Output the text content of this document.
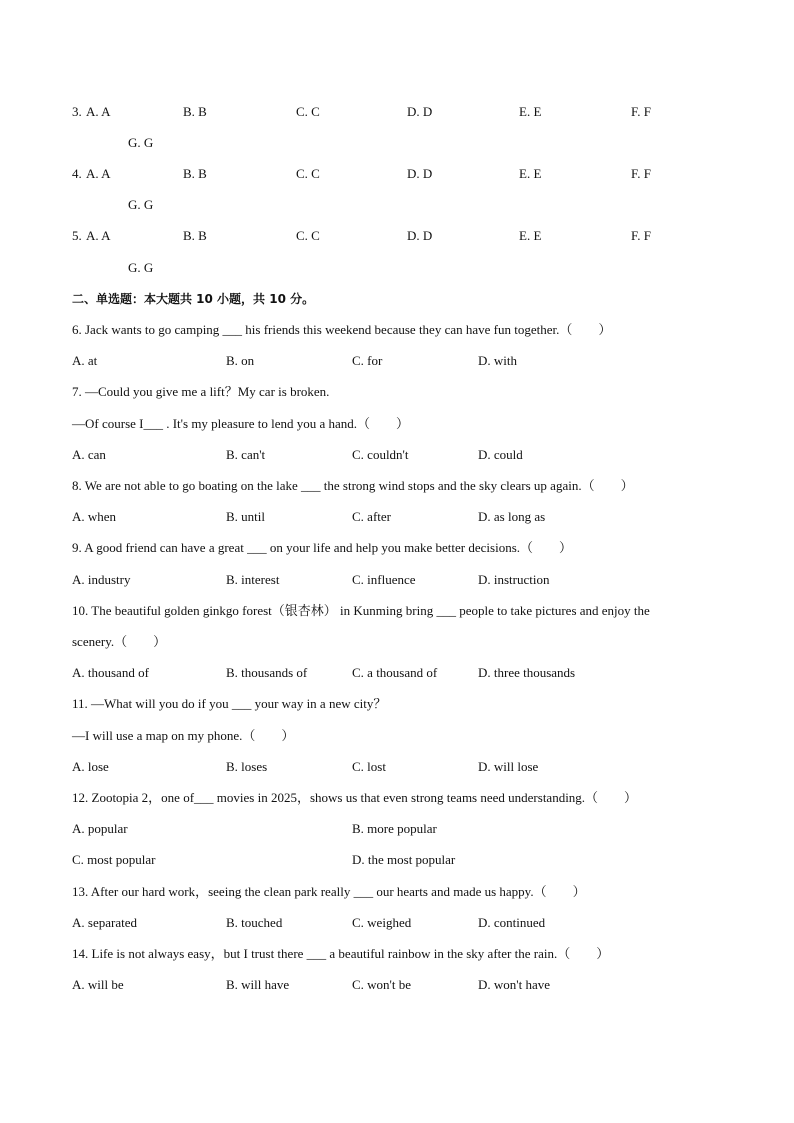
3. A. A	B. B	C. C	D. D	E. E	F. F
G. G
4. A. A	B. B	C. C	D. D	E. E	F. F
G. G
5. A. A	B. B	C. C	D. D	E. E	F. F
G. G
二、单选题：本大题共 10 小题，共 10 分。
6. Jack wants to go camping ___ his friends this weekend because they can have fun together.（　　）
A. at	B. on	C. for	D. with
7. —Could you give me a lift？My car is broken.
—Of course I___ . It's my pleasure to lend you a hand.（　　）
A. can	B. can't	C. couldn't	D. could
8. We are not able to go boating on the lake ___ the strong wind stops and the sky clears up again.（　　）
A. when	B. until	C. after	D. as long as
9. A good friend can have a great ___ on your life and help you make better decisions.（　　）
A. industry	B. interest	C. influence	D. instruction
10. The beautiful golden ginkgo forest（银杏林） in Kunming bring ___ people to take pictures and enjoy the
scenery.（　　）
A. thousand of	B. thousands of	C. a thousand of	D. three thousands
11. —What will you do if you ___ your way in a new city？
—I will use a map on my phone.（　　）
A. lose	B. loses	C. lost	D. will lose
12. Zootopia 2，one of___ movies in 2025，shows us that even strong teams need understanding.（　　）
A. popular	B. more popular
C. most popular	D. the most popular
13. After our hard work，seeing the clean park really ___ our hearts and made us happy.（　　）
A. separated	B. touched	C. weighed	D. continued
14. Life is not always easy，but I trust there ___ a beautiful rainbow in the sky after the rain.（　　）
A. will be	B. will have	C. won't be	D. won't have
